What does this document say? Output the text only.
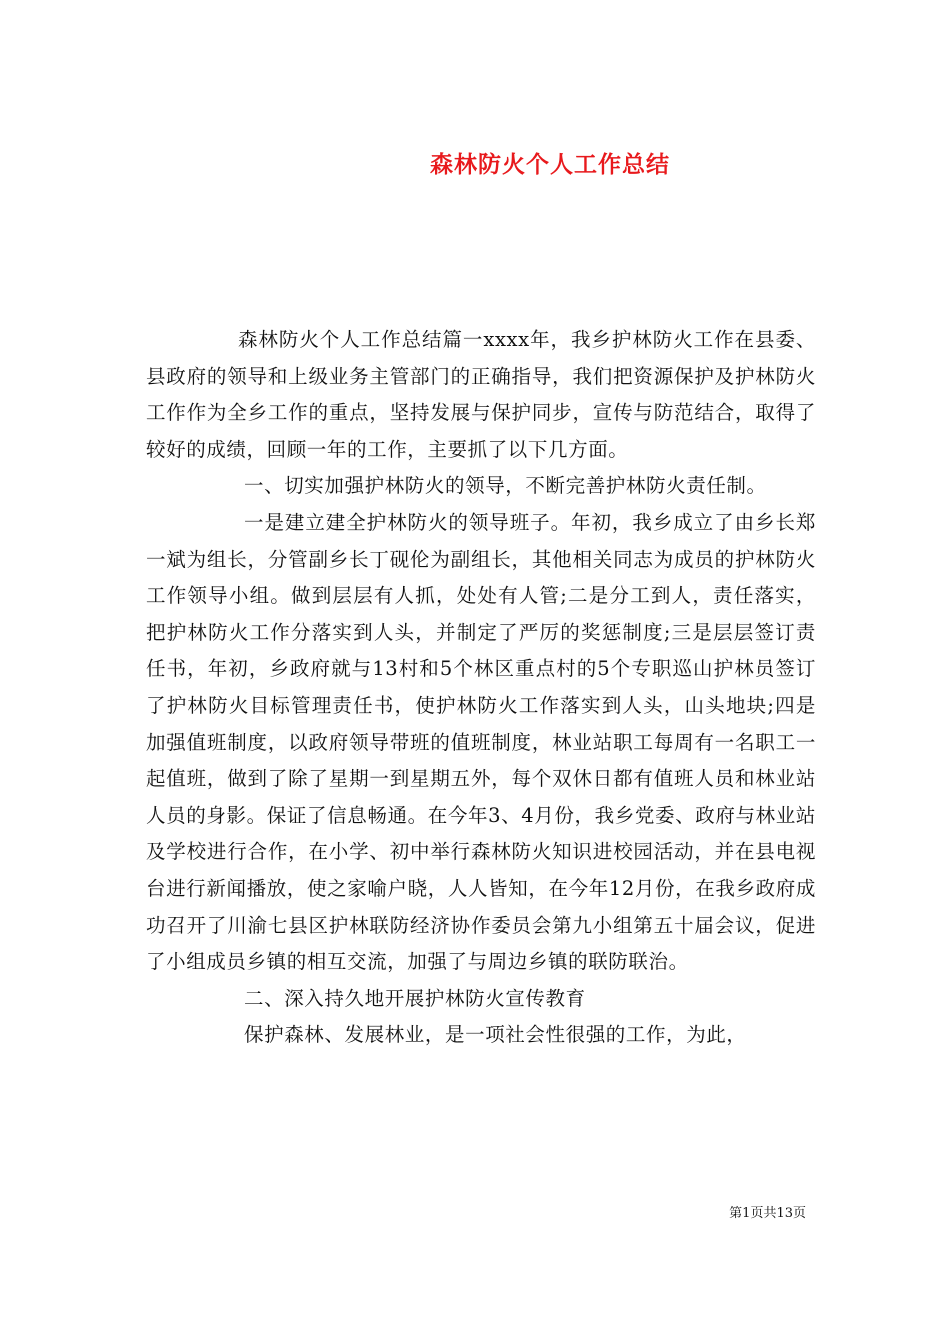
森林防火个人工作总结

森林防火个人工作总结篇一xxxx年，我乡护林防火工作在县委、县政府的领导和上级业务主管部门的正确指导，我们把资源保护及护林防火工作作为全乡工作的重点，坚持发展与保护同步，宣传与防范结合，取得了较好的成绩，回顾一年的工作，主要抓了以下几方面。

一、切实加强护林防火的领导，不断完善护林防火责任制。

一是建立建全护林防火的领导班子。年初，我乡成立了由乡长郑一斌为组长，分管副乡长丁砚伦为副组长，其他相关同志为成员的护林防火工作领导小组。做到层层有人抓，处处有人管;二是分工到人，责任落实，把护林防火工作分落实到人头，并制定了严厉的奖惩制度;三是层层签订责任书，年初，乡政府就与13村和5个林区重点村的5个专职巡山护林员签订了护林防火目标管理责任书，使护林防火工作落实到人头，山头地块;四是加强值班制度，以政府领导带班的值班制度，林业站职工每周有一名职工一起值班，做到了除了星期一到星期五外，每个双休日都有值班人员和林业站人员的身影。保证了信息畅通。在今年3、4月份，我乡党委、政府与林业站及学校进行合作，在小学、初中举行森林防火知识进校园活动，并在县电视台进行新闻播放，使之家喻户晓，人人皆知，在今年12月份，在我乡政府成功召开了川渝七县区护林联防经济协作委员会第九小组第五十届会议，促进了小组成员乡镇的相互交流，加强了与周边乡镇的联防联治。

二、深入持久地开展护林防火宣传教育

保护森林、发展林业，是一项社会性很强的工作，为此，

第1页共13页
